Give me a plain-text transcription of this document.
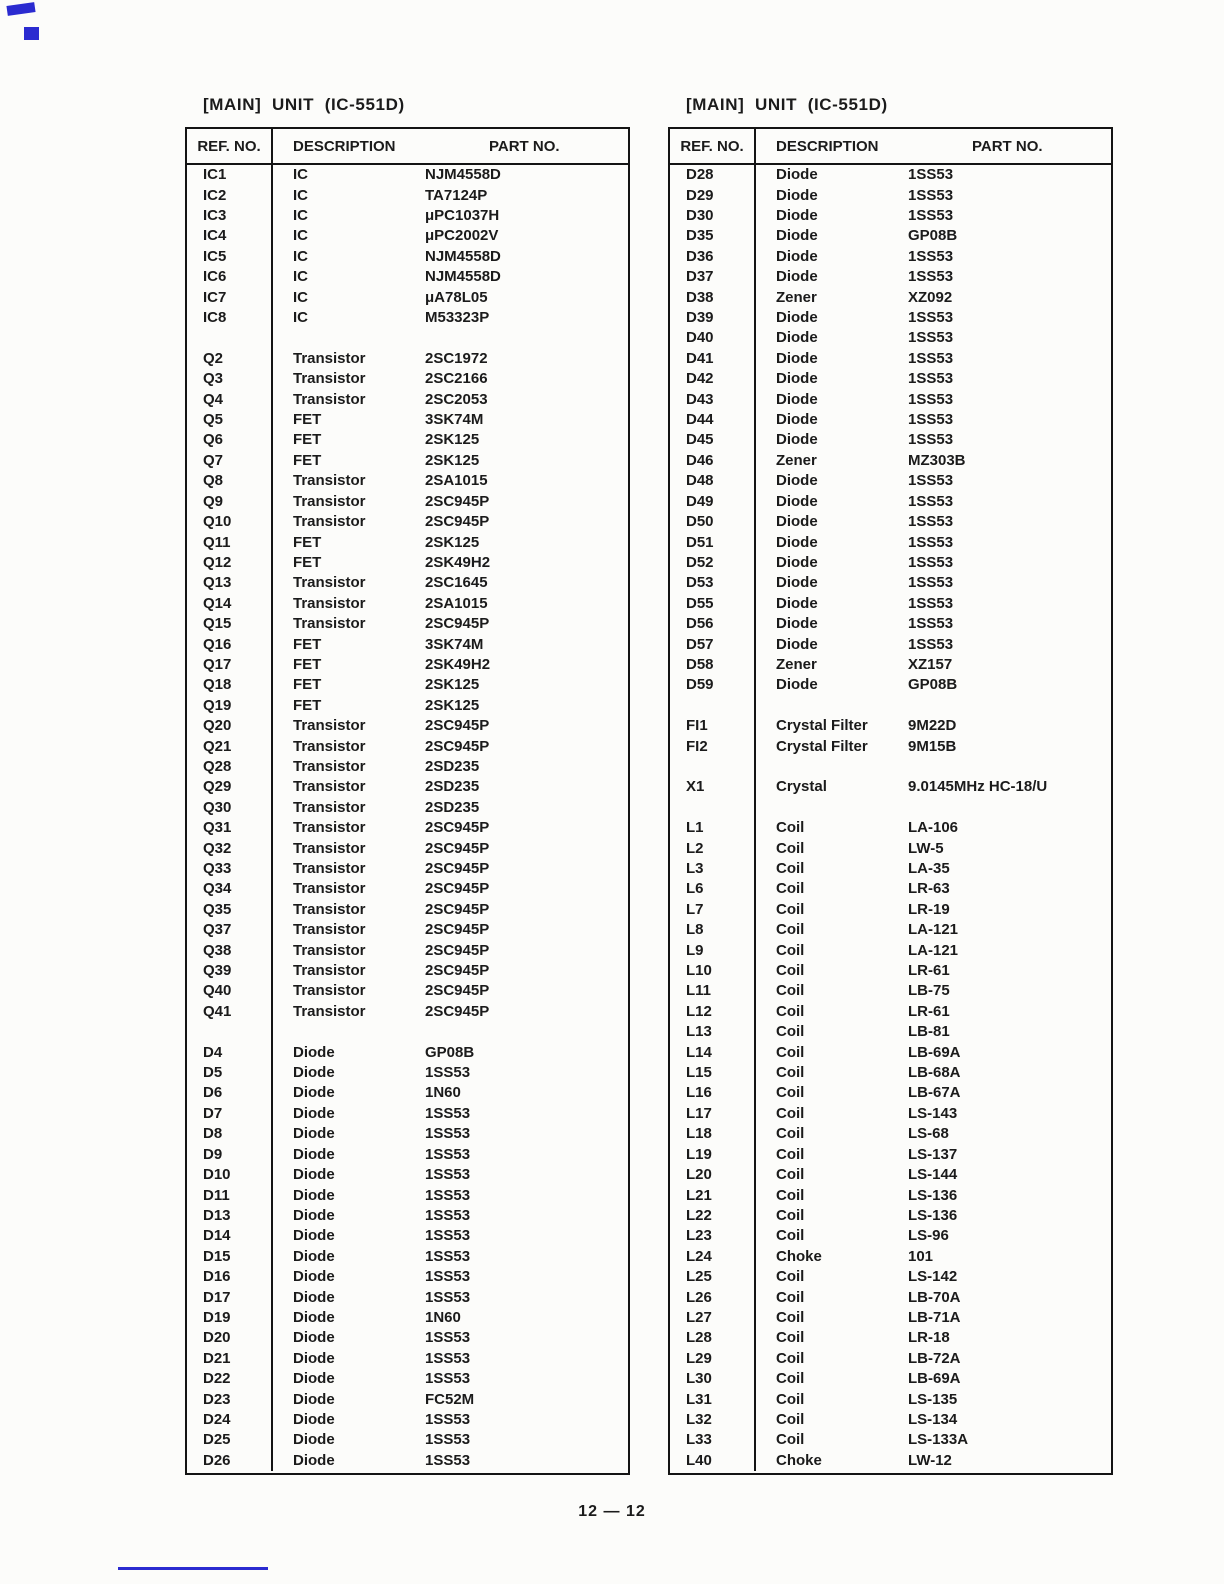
[MAIN]  UNIT  (IC-551D)
REF. NO.	DESCRIPTION	PART NO.
IC1	IC	NJM4558D
IC2	IC	TA7124P
IC3	IC	μPC1037H
IC4	IC	μPC2002V
IC5	IC	NJM4558D
IC6	IC	NJM4558D
IC7	IC	μA78L05
IC8	IC	M53323P
Q2	Transistor	2SC1972
Q3	Transistor	2SC2166
Q4	Transistor	2SC2053
Q5	FET	3SK74M
Q6	FET	2SK125
Q7	FET	2SK125
Q8	Transistor	2SA1015
Q9	Transistor	2SC945P
Q10	Transistor	2SC945P
Q11	FET	2SK125
Q12	FET	2SK49H2
Q13	Transistor	2SC1645
Q14	Transistor	2SA1015
Q15	Transistor	2SC945P
Q16	FET	3SK74M
Q17	FET	2SK49H2
Q18	FET	2SK125
Q19	FET	2SK125
Q20	Transistor	2SC945P
Q21	Transistor	2SC945P
Q28	Transistor	2SD235
Q29	Transistor	2SD235
Q30	Transistor	2SD235
Q31	Transistor	2SC945P
Q32	Transistor	2SC945P
Q33	Transistor	2SC945P
Q34	Transistor	2SC945P
Q35	Transistor	2SC945P
Q37	Transistor	2SC945P
Q38	Transistor	2SC945P
Q39	Transistor	2SC945P
Q40	Transistor	2SC945P
Q41	Transistor	2SC945P
D4	Diode	GP08B
D5	Diode	1SS53
D6	Diode	1N60
D7	Diode	1SS53
D8	Diode	1SS53
D9	Diode	1SS53
D10	Diode	1SS53
D11	Diode	1SS53
D13	Diode	1SS53
D14	Diode	1SS53
D15	Diode	1SS53
D16	Diode	1SS53
D17	Diode	1SS53
D19	Diode	1N60
D20	Diode	1SS53
D21	Diode	1SS53
D22	Diode	1SS53
D23	Diode	FC52M
D24	Diode	1SS53
D25	Diode	1SS53
D26	Diode	1SS53
[MAIN]  UNIT  (IC-551D)
REF. NO.	DESCRIPTION	PART NO.
D28	Diode	1SS53
D29	Diode	1SS53
D30	Diode	1SS53
D35	Diode	GP08B
D36	Diode	1SS53
D37	Diode	1SS53
D38	Zener	XZ092
D39	Diode	1SS53
D40	Diode	1SS53
D41	Diode	1SS53
D42	Diode	1SS53
D43	Diode	1SS53
D44	Diode	1SS53
D45	Diode	1SS53
D46	Zener	MZ303B
D48	Diode	1SS53
D49	Diode	1SS53
D50	Diode	1SS53
D51	Diode	1SS53
D52	Diode	1SS53
D53	Diode	1SS53
D55	Diode	1SS53
D56	Diode	1SS53
D57	Diode	1SS53
D58	Zener	XZ157
D59	Diode	GP08B
FI1	Crystal Filter	9M22D
FI2	Crystal Filter	9M15B
X1	Crystal	9.0145MHz HC-18/U
L1	Coil	LA-106
L2	Coil	LW-5
L3	Coil	LA-35
L6	Coil	LR-63
L7	Coil	LR-19
L8	Coil	LA-121
L9	Coil	LA-121
L10	Coil	LR-61
L11	Coil	LB-75
L12	Coil	LR-61
L13	Coil	LB-81
L14	Coil	LB-69A
L15	Coil	LB-68A
L16	Coil	LB-67A
L17	Coil	LS-143
L18	Coil	LS-68
L19	Coil	LS-137
L20	Coil	LS-144
L21	Coil	LS-136
L22	Coil	LS-136
L23	Coil	LS-96
L24	Choke	101
L25	Coil	LS-142
L26	Coil	LB-70A
L27	Coil	LB-71A
L28	Coil	LR-18
L29	Coil	LB-72A
L30	Coil	LB-69A
L31	Coil	LS-135
L32	Coil	LS-134
L33	Coil	LS-133A
L40	Choke	LW-12
12 — 12
